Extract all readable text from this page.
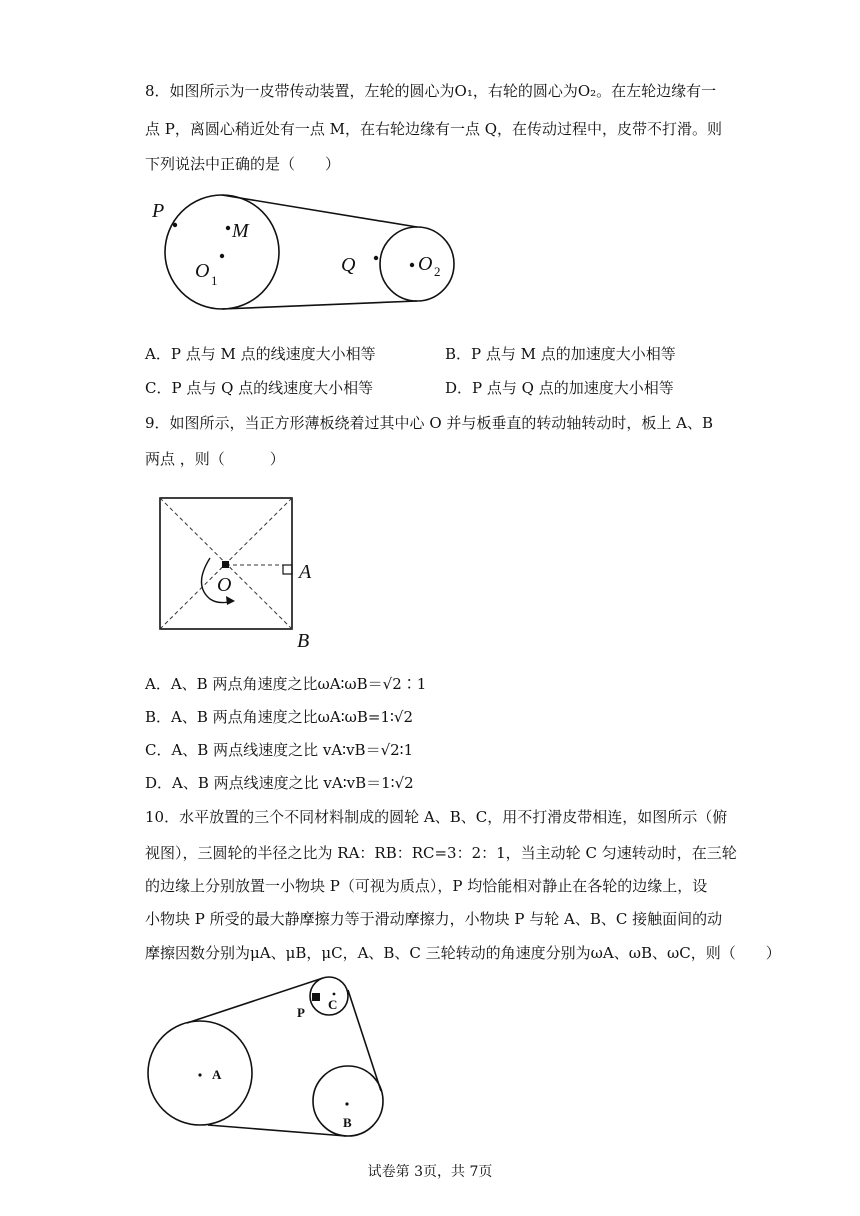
8．如图所示为一皮带传动装置，左轮的圆心为O₁，右轮的圆心为O₂。在左轮边缘有一
点 P，离圆心稍近处有一点 M，在右轮边缘有一点 Q，在传动过程中，皮带不打滑。则
下列说法中正确的是（　　）
P
M
O 1
Q	O 2
A．P 点与 M 点的线速度大小相等	B．P 点与 M 点的加速度大小相等
C．P 点与 Q 点的线速度大小相等	D．P 点与 Q 点的加速度大小相等
9．如图所示，当正方形薄板绕着过其中心 O 并与板垂直的转动轴转动时，板上 A、B
两点 ，则（　　　）
O
A
B
A．A、B 两点角速度之比ωA∶ωB＝√2∶1
B．A、B 两点角速度之比ωA∶ωB=1∶√2
C．A、B 两点线速度之比 vA∶vB＝√2∶1
D．A、B 两点线速度之比 vA∶vB＝1∶√2
10．水平放置的三个不同材料制成的圆轮 A、B、C，用不打滑皮带相连，如图所示（俯
视图），三圆轮的半径之比为 RA：RB：RC=3：2：1，当主动轮 C 匀速转动时，在三轮
的边缘上分别放置一小物块 P（可视为质点），P 均恰能相对静止在各轮的边缘上，设
小物块 P 所受的最大静摩擦力等于滑动摩擦力，小物块 P 与轮 A、B、C 接触面间的动
摩擦因数分别为μA、μB，μC，A、B、C 三轮转动的角速度分别为ωA、ωB、ωC，则（　　）
A
B
C
P
试卷第 3页，共 7页
